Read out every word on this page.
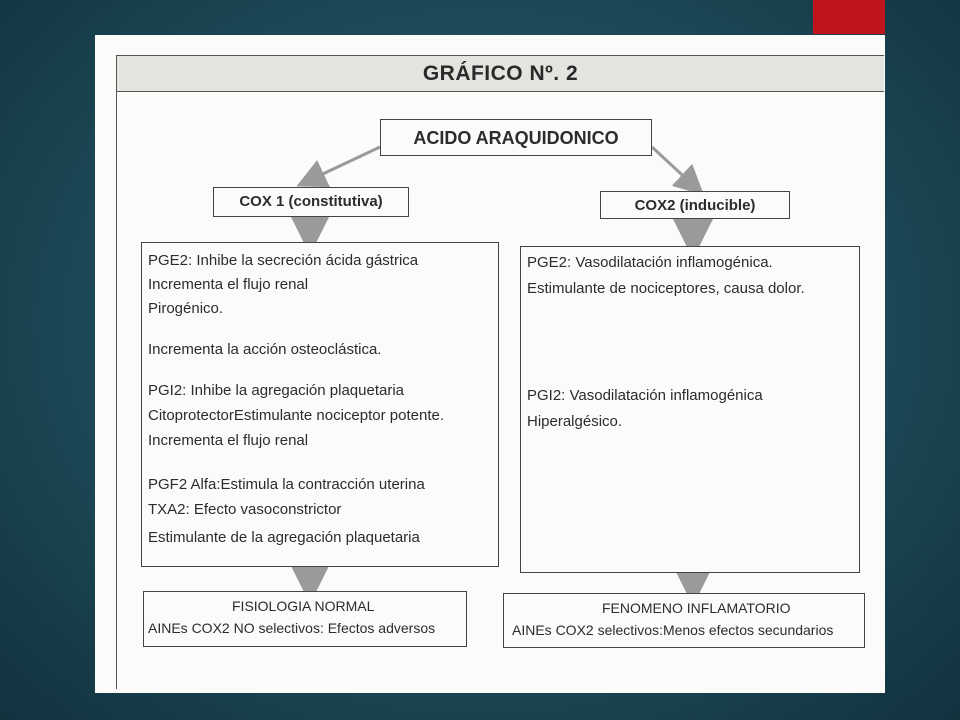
GRÁFICO Nº. 2
ACIDO ARAQUIDONICO
COX 1 (constitutiva)	COX2 (inducible)
PGE2: Inhibe la secreción ácida gástrica
Incrementa el flujo renal
Pirogénico.
Incrementa la acción osteoclástica.
PGI2: Inhibe la agregación plaquetaria
CitoprotectorEstimulante nociceptor potente.
Incrementa el flujo renal
PGF2 Alfa:Estimula la contracción uterina
TXA2: Efecto vasoconstrictor
Estimulante de la agregación plaquetaria
PGE2: Vasodilatación inflamogénica.
Estimulante de nociceptores, causa dolor.
PGI2: Vasodilatación inflamogénica
Hiperalgésico.
FISIOLOGIA NORMAL
AINEs COX2 NO selectivos: Efectos adversos
FENOMENO INFLAMATORIO
AINEs COX2 selectivos:Menos efectos secundarios
